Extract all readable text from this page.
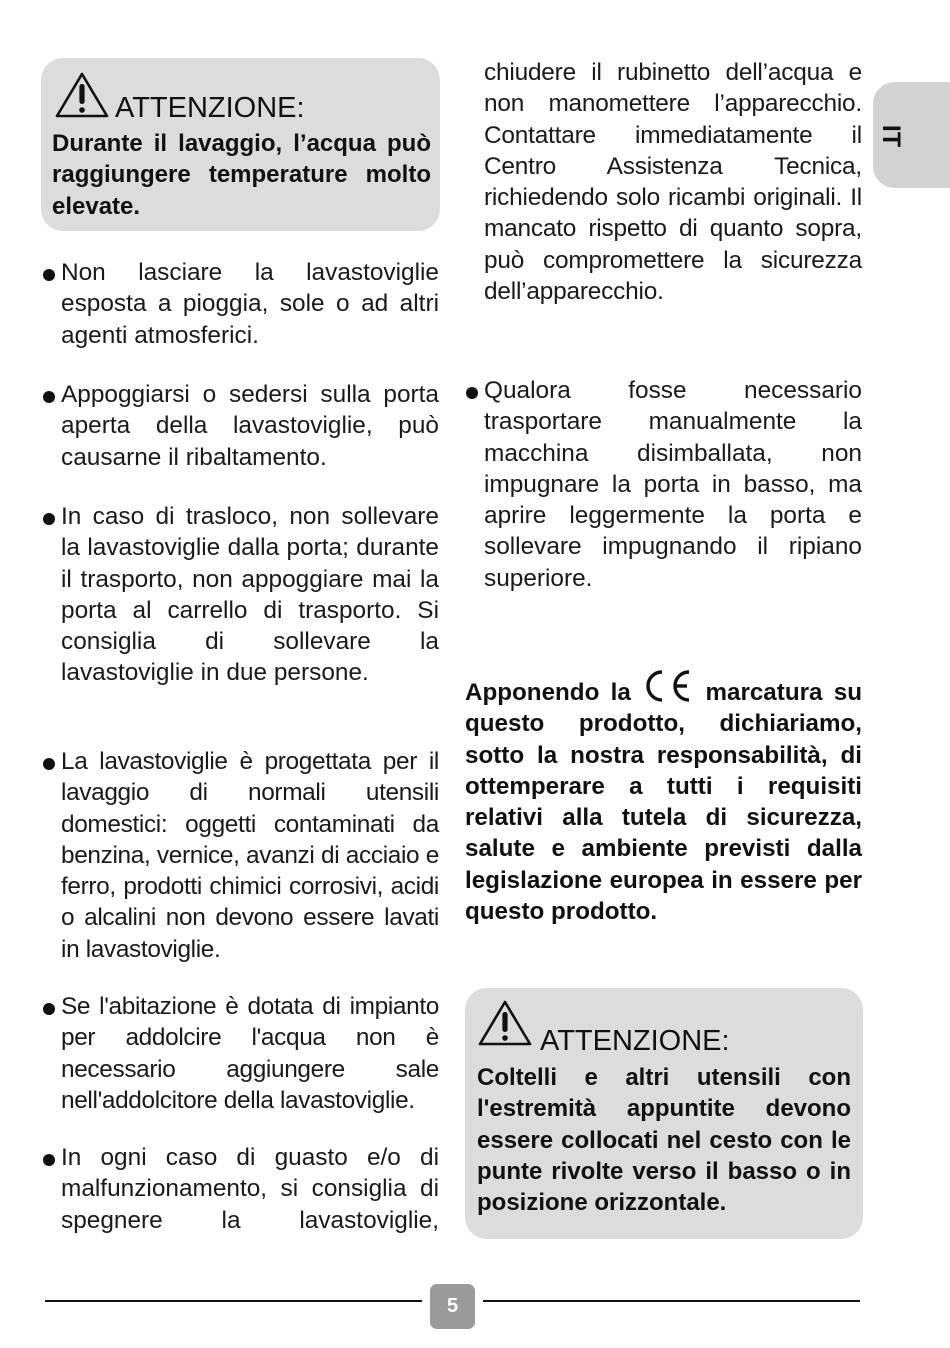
IT
ATTENZIONE:
Durante il lavaggio, l’acqua può raggiungere temperature molto elevate.
Non lasciare la lavastoviglie esposta a pioggia, sole o ad altri agenti atmosferici.
Appoggiarsi o sedersi sulla porta aperta della lavastoviglie, può causarne il ribaltamento.
In caso di trasloco, non sollevare la lavastoviglie dalla porta; durante il trasporto, non appoggiare mai la porta al carrello di trasporto. Si consiglia di sollevare la lavastoviglie in due persone.
La lavastoviglie è progettata per il lavaggio di normali utensili domestici: oggetti contaminati da benzina, vernice, avanzi di acciaio e ferro, prodotti chimici corrosivi, acidi o alcalini non devono essere lavati in lavastoviglie.
Se l'abitazione è dotata di impianto per addolcire l'acqua non è necessario aggiungere sale nell'addolcitore della lavastoviglie.
In ogni caso di guasto e/o di malfunzionamento, si consiglia di spegnere la lavastoviglie,
chiudere il rubinetto dell’acqua e non manomettere l’apparecchio. Contattare immediatamente il Centro Assistenza Tecnica, richiedendo solo ricambi originali. Il mancato rispetto di quanto sopra, può compromettere la sicurezza dell’apparecchio.
Qualora fosse necessario trasportare manualmente la macchina disimballata, non impugnare la porta in basso, ma aprire leggermente la porta e sollevare impugnando il ripiano superiore.
Apponendo la	marcatura su questo prodotto, dichiariamo, sotto la nostra responsabilità, di ottemperare a tutti i requisiti relativi alla tutela di sicurezza, salute e ambiente previsti dalla legislazione europea in essere per questo prodotto.
ATTENZIONE:
Coltelli e altri utensili con l'estremità appuntite devono essere collocati nel cesto con le punte rivolte verso il basso o in posizione orizzontale.
5
